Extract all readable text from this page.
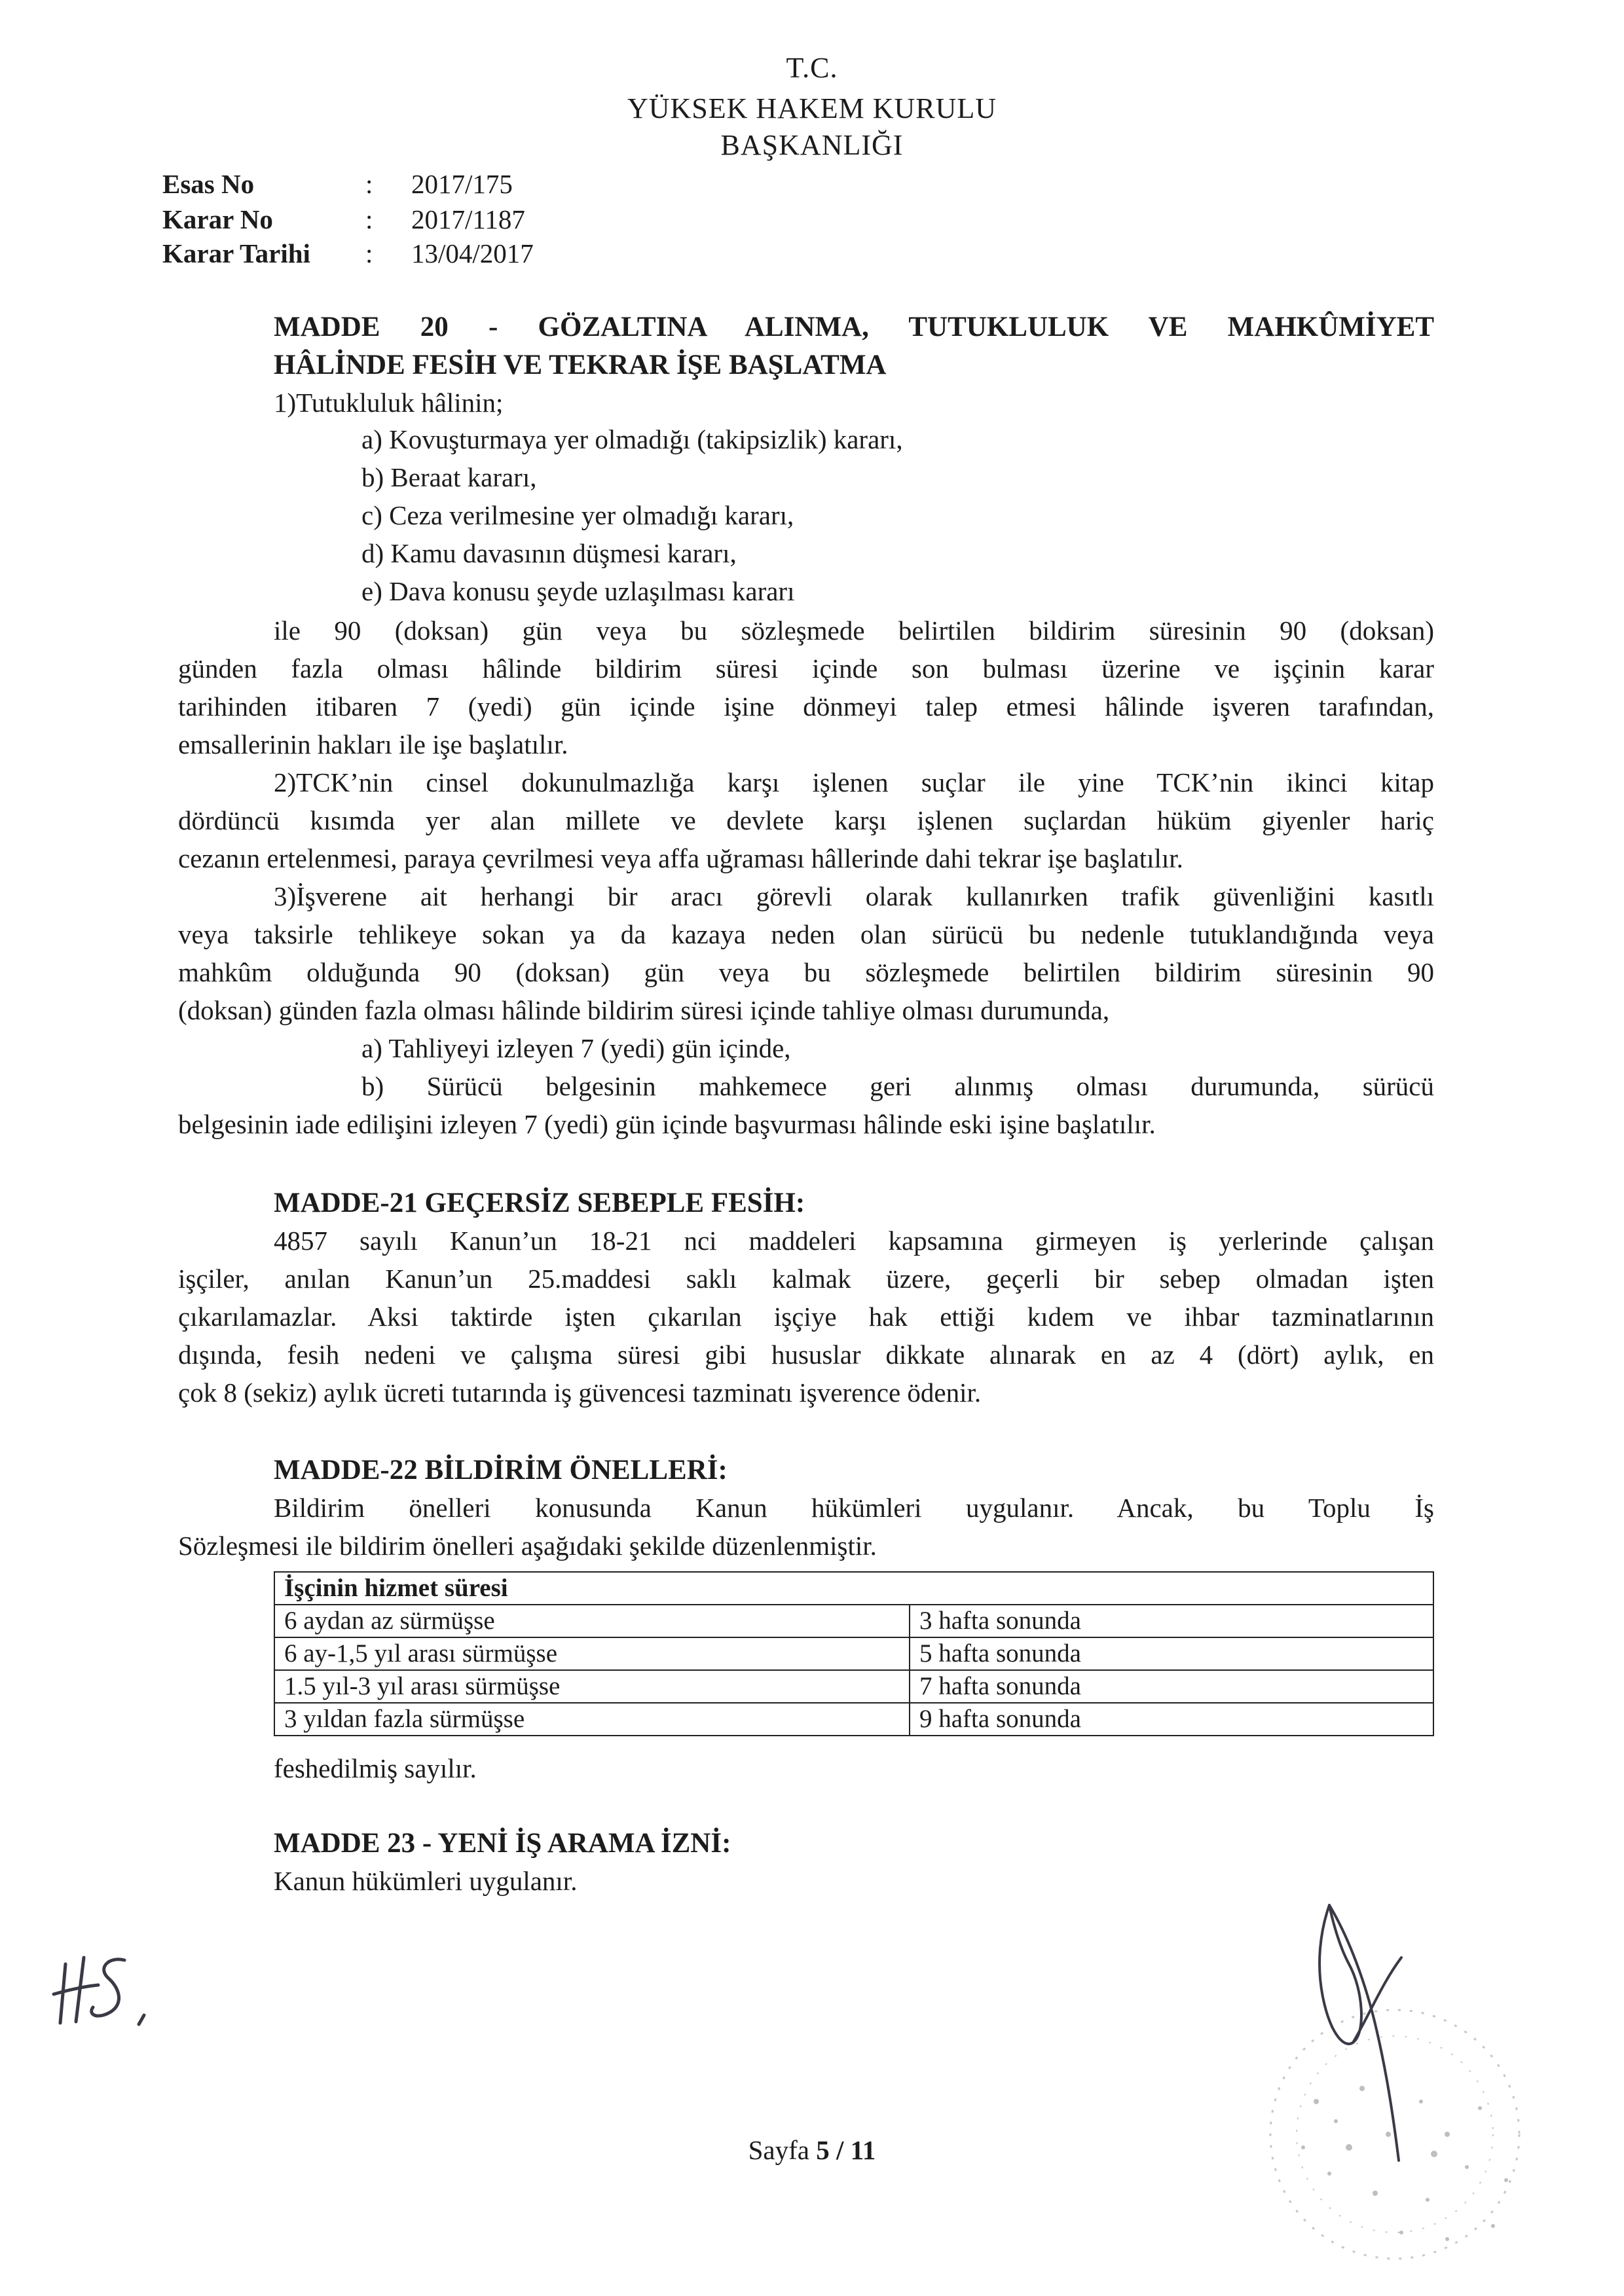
T.C.
YÜKSEK HAKEM KURULU
BAŞKANLIĞI
Esas No	: 2017/175
Karar No	: 2017/1187
Karar Tarihi : 13/04/2017
MADDE 20 - GÖZALTINA ALINMA, TUTUKLULUK VE MAHKÛMİYET
HÂLİNDE FESİH VE TEKRAR İŞE BAŞLATMA
1)Tutukluluk hâlinin;
a) Kovuşturmaya yer olmadığı (takipsizlik) kararı,
b) Beraat kararı,
c) Ceza verilmesine yer olmadığı kararı,
d) Kamu davasının düşmesi kararı,
e) Dava konusu şeyde uzlaşılması kararı
ile 90 (doksan) gün veya bu sözleşmede belirtilen bildirim süresinin 90 (doksan)
günden fazla olması hâlinde bildirim süresi içinde son bulması üzerine ve işçinin karar
tarihinden itibaren 7 (yedi) gün içinde işine dönmeyi talep etmesi hâlinde işveren tarafından,
emsallerinin hakları ile işe başlatılır.
2)TCK’nin cinsel dokunulmazlığa karşı işlenen suçlar ile yine TCK’nin ikinci kitap
dördüncü kısımda yer alan millete ve devlete karşı işlenen suçlardan hüküm giyenler hariç
cezanın ertelenmesi, paraya çevrilmesi veya affa uğraması hâllerinde dahi tekrar işe başlatılır.
3)İşverene ait herhangi bir aracı görevli olarak kullanırken trafik güvenliğini kasıtlı
veya taksirle tehlikeye sokan ya da kazaya neden olan sürücü bu nedenle tutuklandığında veya
mahkûm olduğunda 90 (doksan) gün veya bu sözleşmede belirtilen bildirim süresinin 90
(doksan) günden fazla olması hâlinde bildirim süresi içinde tahliye olması durumunda,
a) Tahliyeyi izleyen 7 (yedi) gün içinde,
b) Sürücü belgesinin mahkemece geri alınmış olması durumunda, sürücü
belgesinin iade edilişini izleyen 7 (yedi) gün içinde başvurması hâlinde eski işine başlatılır.
MADDE-21 GEÇERSİZ SEBEPLE FESİH:
4857 sayılı Kanun’un 18-21 nci maddeleri kapsamına girmeyen iş yerlerinde çalışan
işçiler, anılan Kanun’un 25.maddesi saklı kalmak üzere, geçerli bir sebep olmadan işten
çıkarılamazlar. Aksi taktirde işten çıkarılan işçiye hak ettiği kıdem ve ihbar tazminatlarının
dışında, fesih nedeni ve çalışma süresi gibi hususlar dikkate alınarak en az 4 (dört) aylık, en
çok 8 (sekiz) aylık ücreti tutarında iş güvencesi tazminatı işverence ödenir.
MADDE-22 BİLDİRİM ÖNELLERİ:
Bildirim önelleri konusunda Kanun hükümleri uygulanır. Ancak, bu Toplu İş
Sözleşmesi ile bildirim önelleri aşağıdaki şekilde düzenlenmiştir.
İşçinin hizmet süresi	
6 aydan az sürmüşse	3 hafta sonunda
6 ay-1,5 yıl arası sürmüşse	5 hafta sonunda
1.5 yıl-3 yıl arası sürmüşse	7 hafta sonunda
3 yıldan fazla sürmüşse	9 hafta sonunda
feshedilmiş sayılır.
MADDE 23 - YENİ İŞ ARAMA İZNİ:
Kanun hükümleri uygulanır.
Sayfa 5 / 11
